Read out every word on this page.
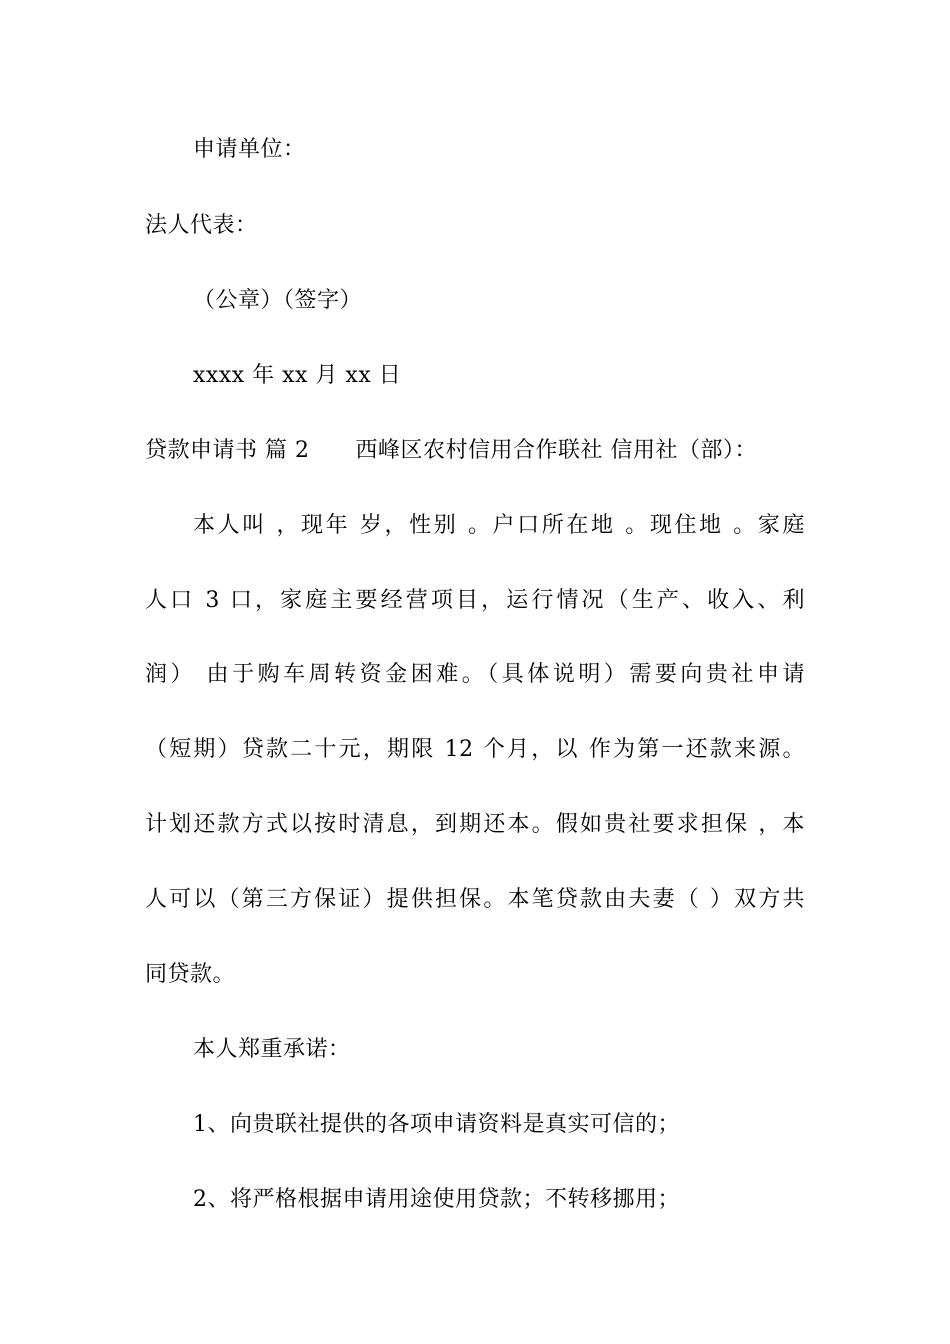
申请单位：
法人代表：
（公章）（签字）
xxxx 年 xx 月 xx 日
贷款申请书 篇 2 西峰区农村信用合作联社 信用社（部）：
本人叫 ，现年 岁，性别 。户口所在地 。现住地 。家庭
人口 3 口，家庭主要经营项目，运行情况（生产、收入、利
润） 由于购车周转资金困难。（具体说明）需要向贵社申请
（短期）贷款二十元，期限 12 个月，以 作为第一还款来源。
计划还款方式以按时清息，到期还本。假如贵社要求担保 ，本
人可以（第三方保证）提供担保。本笔贷款由夫妻（ ）双方共
同贷款。
本人郑重承诺：
1、向贵联社提供的各项申请资料是真实可信的；
2、将严格根据申请用途使用贷款；不转移挪用；
